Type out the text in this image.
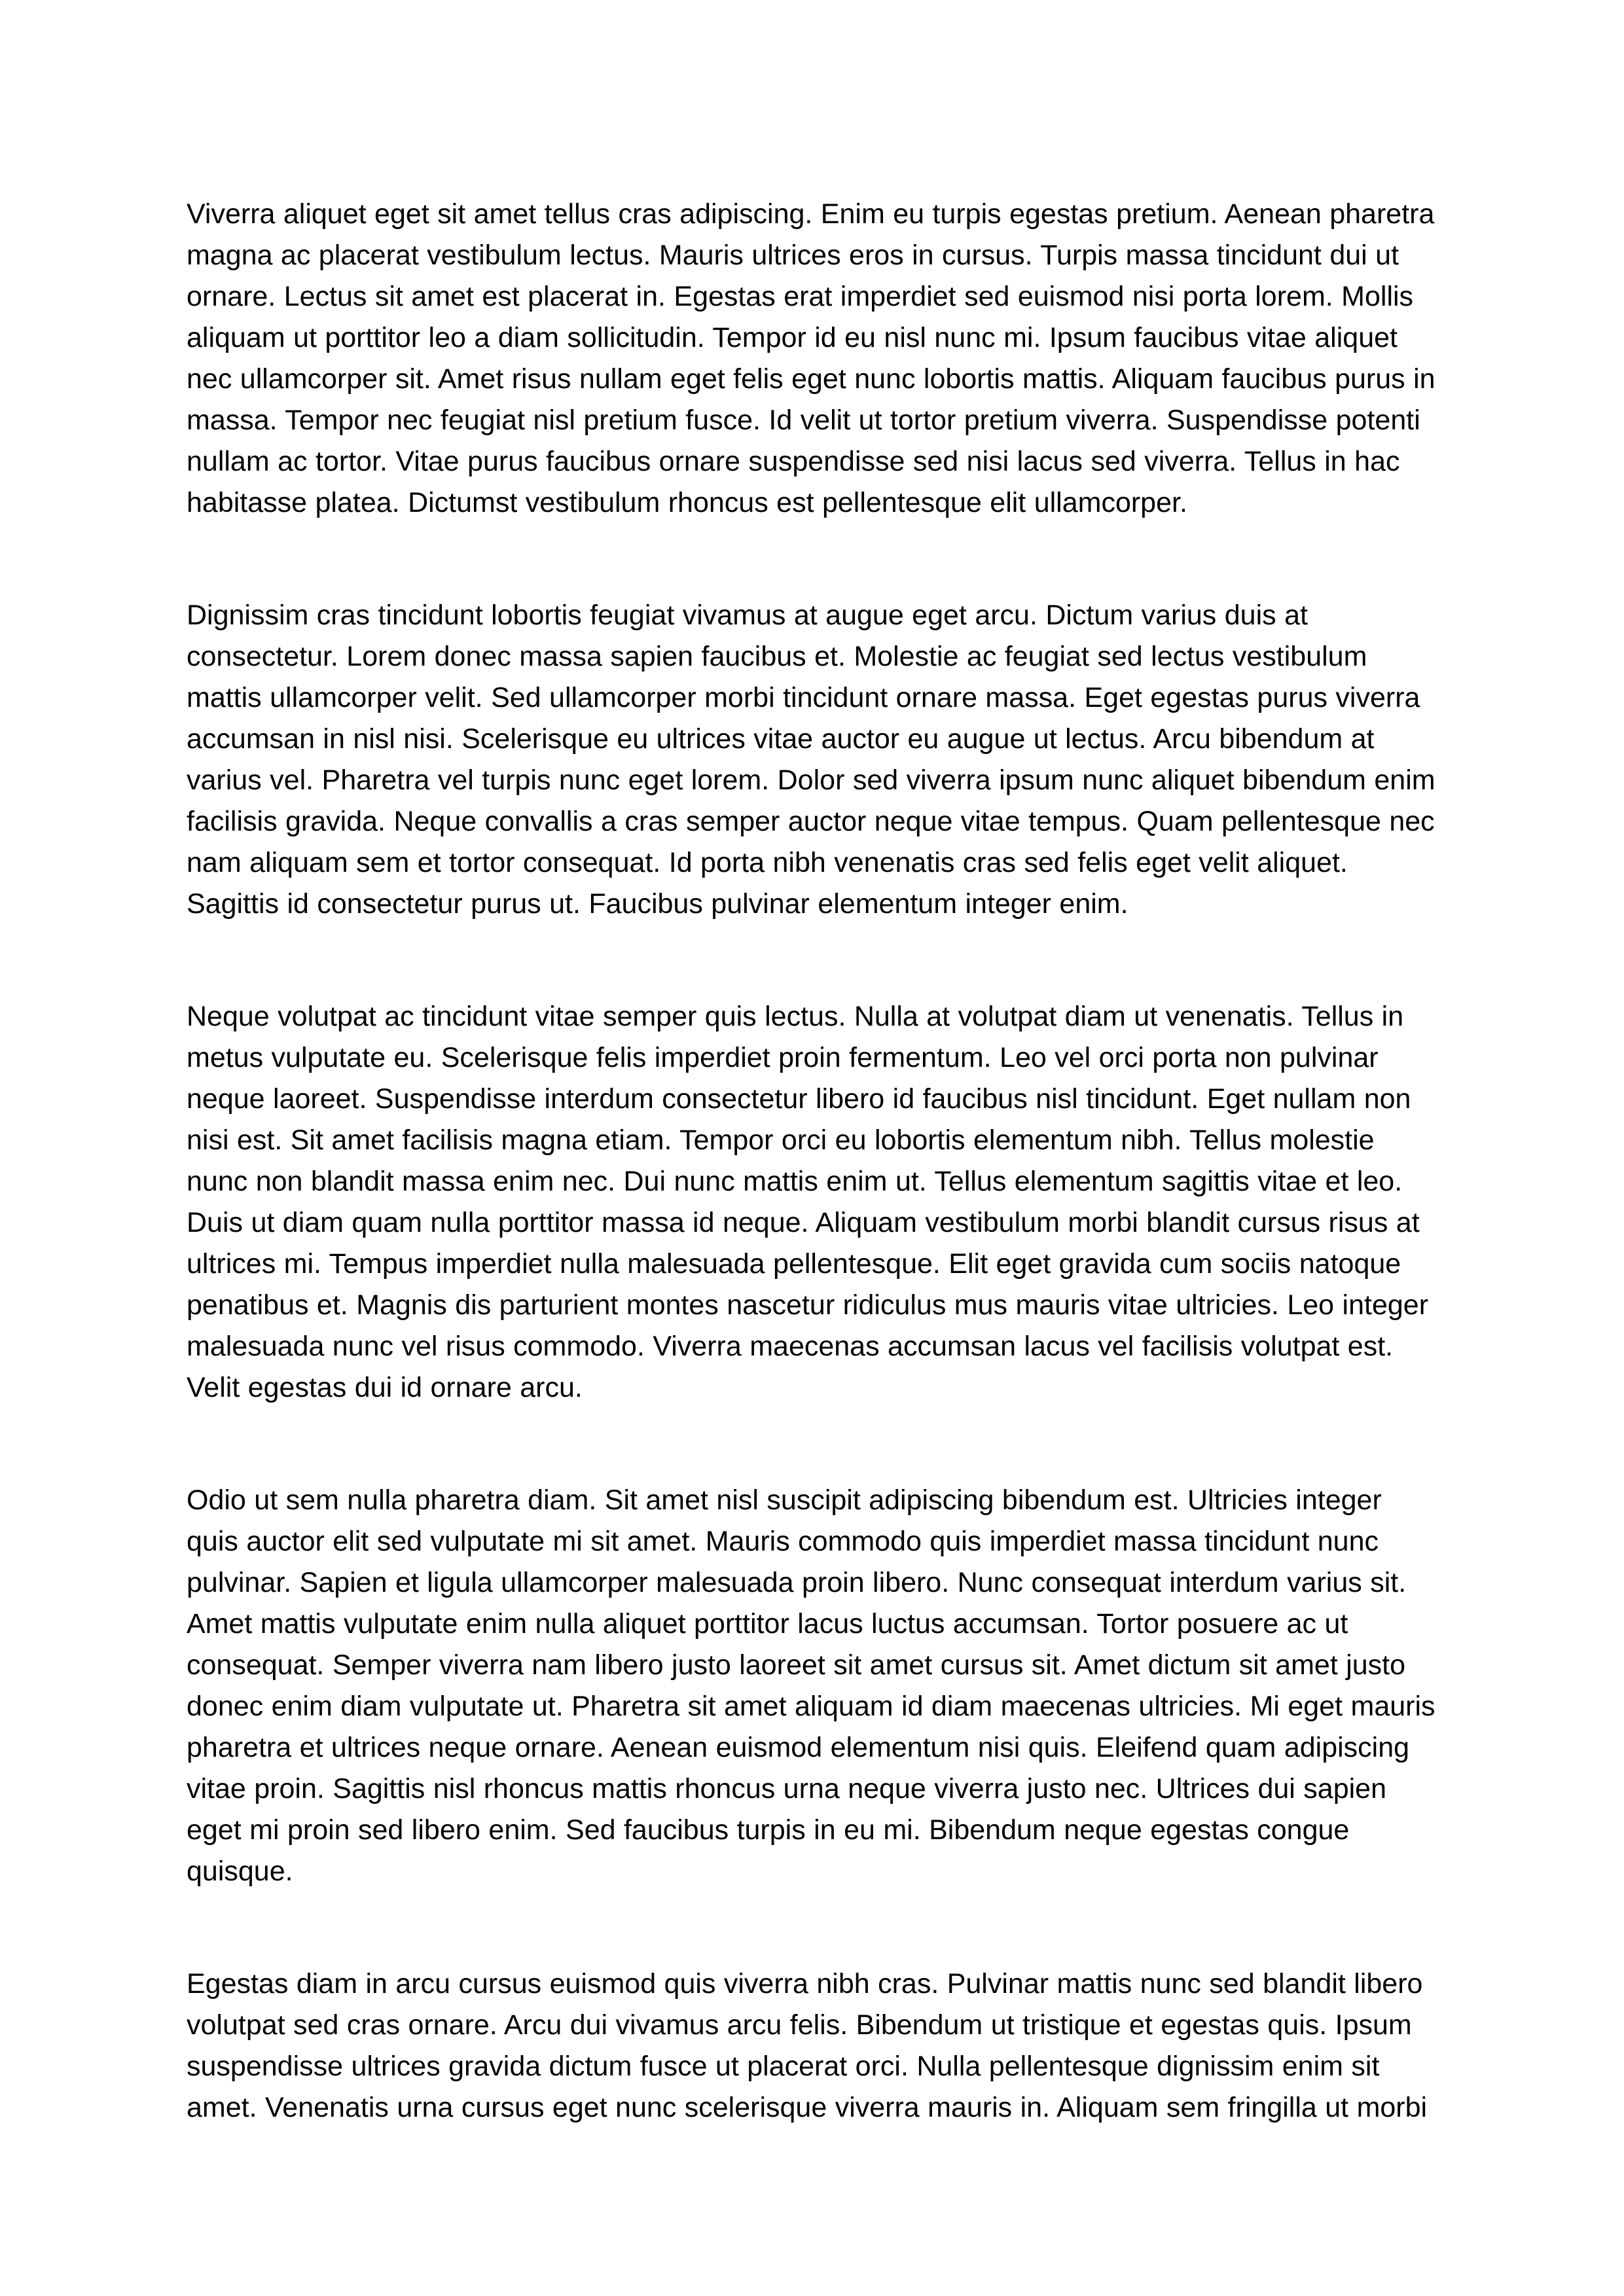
Viverra aliquet eget sit amet tellus cras adipiscing. Enim eu turpis egestas pretium. Aenean pharetra magna ac placerat vestibulum lectus. Mauris ultrices eros in cursus. Turpis massa tincidunt dui ut ornare. Lectus sit amet est placerat in. Egestas erat imperdiet sed euismod nisi porta lorem. Mollis aliquam ut porttitor leo a diam sollicitudin. Tempor id eu nisl nunc mi. Ipsum faucibus vitae aliquet nec ullamcorper sit. Amet risus nullam eget felis eget nunc lobortis mattis. Aliquam faucibus purus in massa. Tempor nec feugiat nisl pretium fusce. Id velit ut tortor pretium viverra. Suspendisse potenti nullam ac tortor. Vitae purus faucibus ornare suspendisse sed nisi lacus sed viverra. Tellus in hac habitasse platea. Dictumst vestibulum rhoncus est pellentesque elit ullamcorper.

Dignissim cras tincidunt lobortis feugiat vivamus at augue eget arcu. Dictum varius duis at consectetur. Lorem donec massa sapien faucibus et. Molestie ac feugiat sed lectus vestibulum mattis ullamcorper velit. Sed ullamcorper morbi tincidunt ornare massa. Eget egestas purus viverra accumsan in nisl nisi. Scelerisque eu ultrices vitae auctor eu augue ut lectus. Arcu bibendum at varius vel. Pharetra vel turpis nunc eget lorem. Dolor sed viverra ipsum nunc aliquet bibendum enim facilisis gravida. Neque convallis a cras semper auctor neque vitae tempus. Quam pellentesque nec nam aliquam sem et tortor consequat. Id porta nibh venenatis cras sed felis eget velit aliquet. Sagittis id consectetur purus ut. Faucibus pulvinar elementum integer enim.

Neque volutpat ac tincidunt vitae semper quis lectus. Nulla at volutpat diam ut venenatis. Tellus in metus vulputate eu. Scelerisque felis imperdiet proin fermentum. Leo vel orci porta non pulvinar neque laoreet. Suspendisse interdum consectetur libero id faucibus nisl tincidunt. Eget nullam non nisi est. Sit amet facilisis magna etiam. Tempor orci eu lobortis elementum nibh. Tellus molestie nunc non blandit massa enim nec. Dui nunc mattis enim ut. Tellus elementum sagittis vitae et leo. Duis ut diam quam nulla porttitor massa id neque. Aliquam vestibulum morbi blandit cursus risus at ultrices mi. Tempus imperdiet nulla malesuada pellentesque. Elit eget gravida cum sociis natoque penatibus et. Magnis dis parturient montes nascetur ridiculus mus mauris vitae ultricies. Leo integer malesuada nunc vel risus commodo. Viverra maecenas accumsan lacus vel facilisis volutpat est. Velit egestas dui id ornare arcu.

Odio ut sem nulla pharetra diam. Sit amet nisl suscipit adipiscing bibendum est. Ultricies integer quis auctor elit sed vulputate mi sit amet. Mauris commodo quis imperdiet massa tincidunt nunc pulvinar. Sapien et ligula ullamcorper malesuada proin libero. Nunc consequat interdum varius sit. Amet mattis vulputate enim nulla aliquet porttitor lacus luctus accumsan. Tortor posuere ac ut consequat. Semper viverra nam libero justo laoreet sit amet cursus sit. Amet dictum sit amet justo donec enim diam vulputate ut. Pharetra sit amet aliquam id diam maecenas ultricies. Mi eget mauris pharetra et ultrices neque ornare. Aenean euismod elementum nisi quis. Eleifend quam adipiscing vitae proin. Sagittis nisl rhoncus mattis rhoncus urna neque viverra justo nec. Ultrices dui sapien eget mi proin sed libero enim. Sed faucibus turpis in eu mi. Bibendum neque egestas congue quisque.

Egestas diam in arcu cursus euismod quis viverra nibh cras. Pulvinar mattis nunc sed blandit libero volutpat sed cras ornare. Arcu dui vivamus arcu felis. Bibendum ut tristique et egestas quis. Ipsum suspendisse ultrices gravida dictum fusce ut placerat orci. Nulla pellentesque dignissim enim sit amet. Venenatis urna cursus eget nunc scelerisque viverra mauris in. Aliquam sem fringilla ut morbi
